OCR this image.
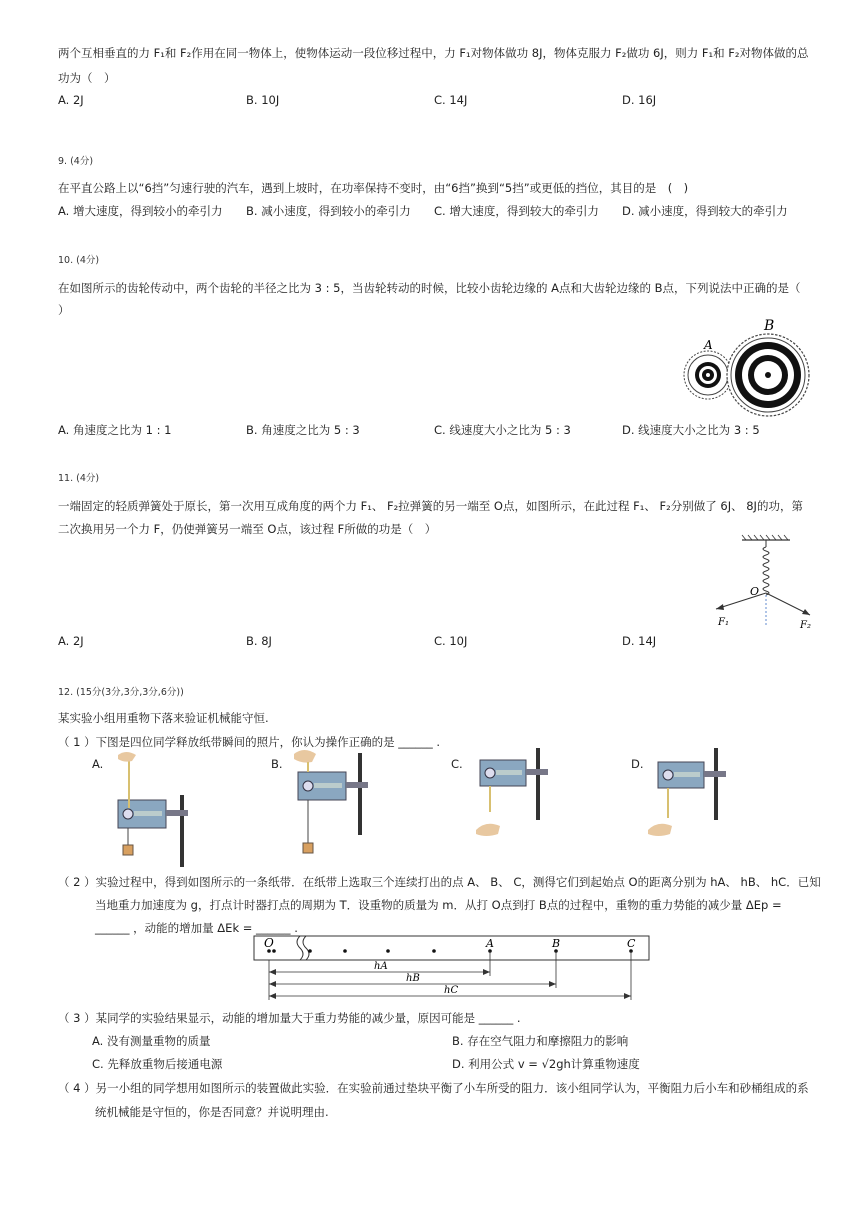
两个互相垂直的力 F₁和 F₂作用在同一物体上，使物体运动一段位移过程中，力 F₁对物体做功 8J，物体克服力 F₂做功 6J，则力 F₁和 F₂对物体做的总
功为（　）
A. 2J	B. 10J	C. 14J	D. 16J
9. (4分)
在平直公路上以“6挡”匀速行驶的汽车，遇到上坡时，在功率保持不变时，由“6挡”换到“5挡”或更低的挡位，其目的是　(　)
A. 增大速度，得到较小的牵引力 B. 减小速度，得到较小的牵引力 C. 增大速度，得到较大的牵引力 D. 减小速度，得到较大的牵引力
10. (4分)
在如图所示的齿轮传动中，两个齿轮的半径之比为 3 : 5，当齿轮转动的时候，比较小齿轮边缘的 A点和大齿轮边缘的 B点，下列说法中正确的是（
）
A
B
A. 角速度之比为 1 : 1	B. 角速度之比为 5 : 3	C. 线速度大小之比为 5 : 3	D. 线速度大小之比为 3 : 5
11. (4分)
一端固定的轻质弹簧处于原长，第一次用互成角度的两个力 F₁、 F₂拉弹簧的另一端至 O点，如图所示，在此过程 F₁、 F₂分别做了 6J、 8J的功，第
二次换用另一个力 F，仍使弹簧另一端至 O点，该过程 F所做的功是（　）
O
F₁	F₂
A. 2J	B. 8J	C. 10J	D. 14J
12. (15分(3分,3分,3分,6分))
某实验小组用重物下落来验证机械能守恒.
（ 1 ）下图是四位同学释放纸带瞬间的照片，你认为操作正确的是 ______ .
A.	B.	C.	D.
（ 2 ）实验过程中，得到如图所示的一条纸带．在纸带上选取三个连续打出的点 A、 B、 C，测得它们到起始点 O的距离分别为 hA、 hB、 hC．已知
当地重力加速度为 g，打点计时器打点的周期为 T．设重物的质量为 m．从打 O点到打 B点的过程中，重物的重力势能的减少量 ΔEp =
______ ，动能的增加量 ΔEk = ______ .
O	A	B	C
hA
hB
hC
（ 3 ）某同学的实验结果显示，动能的增加量大于重力势能的减少量，原因可能是 ______ .
A. 没有测量重物的质量	B. 存在空气阻力和摩擦阻力的影响
C. 先释放重物后接通电源	D. 利用公式 v = √2gh计算重物速度
（ 4 ）另一小组的同学想用如图所示的装置做此实验．在实验前通过垫块平衡了小车所受的阻力．该小组同学认为，平衡阻力后小车和砂桶组成的系
统机械能是守恒的，你是否同意？并说明理由.
